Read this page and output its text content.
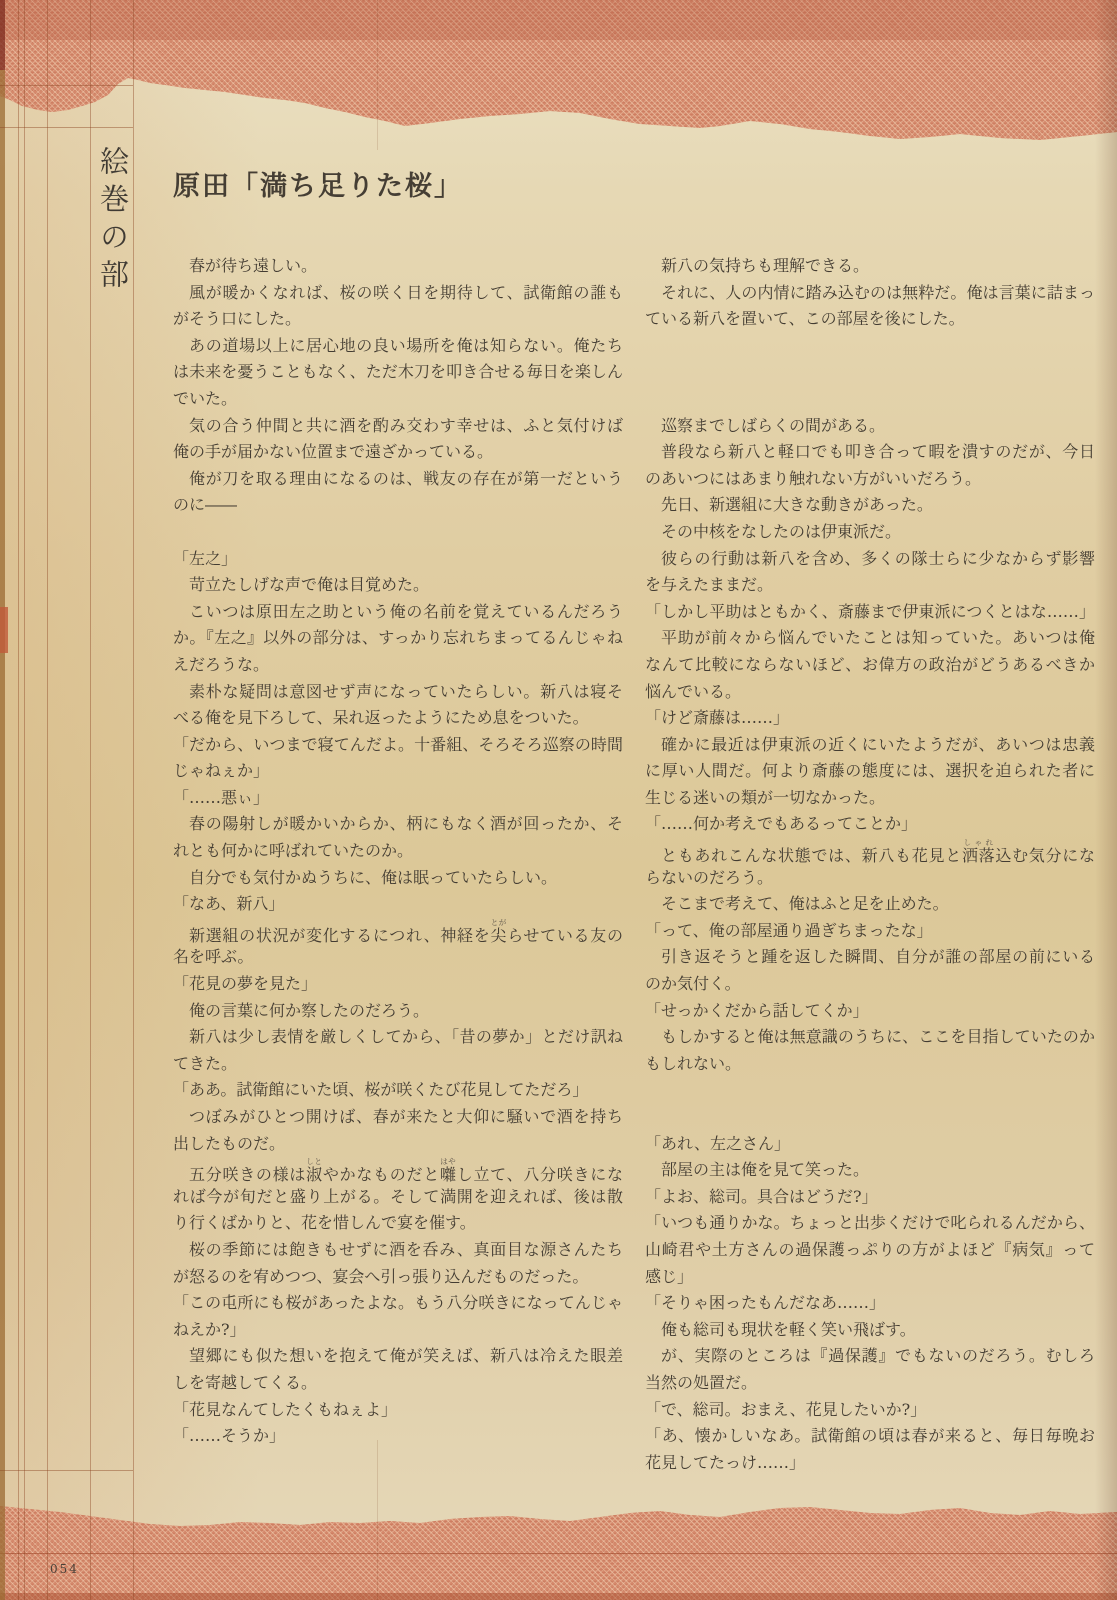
絵巻の部 原田「満ち足りた桜」
春が待ち遠しい。
風が暖かくなれば、桜の咲く日を期待して、試衛館の誰も
がそう口にした。
あの道場以上に居心地の良い場所を俺は知らない。俺たち
は未来を憂うこともなく、ただ木刀を叩き合せる毎日を楽しん
でいた。
気の合う仲間と共に酒を酌み交わす幸せは、ふと気付けば
俺の手が届かない位置まで遠ざかっている。
俺が刀を取る理由になるのは、戦友の存在が第一だという
のに――

「左之」
苛立たしげな声で俺は目覚めた。
こいつは原田左之助という俺の名前を覚えているんだろう
か。『左之』以外の部分は、すっかり忘れちまってるんじゃね
えだろうな。
素朴な疑問は意図せず声になっていたらしい。新八は寝そ
べる俺を見下ろして、呆れ返ったようにため息をついた。
「だから、いつまで寝てんだよ。十番組、そろそろ巡察の時間
じゃねぇか」
「……悪ぃ」
春の陽射しが暖かいからか、柄にもなく酒が回ったか、そ
れとも何かに呼ばれていたのか。
自分でも気付かぬうちに、俺は眠っていたらしい。
「なあ、新八」
新選組の状況が変化するにつれ、神経を尖とがらせている友の
名を呼ぶ。
「花見の夢を見た」
俺の言葉に何か察したのだろう。
新八は少し表情を厳しくしてから、「昔の夢か」とだけ訊ね
てきた。
「ああ。試衛館にいた頃、桜が咲くたび花見してただろ」
つぼみがひとつ開けば、春が来たと大仰に騒いで酒を持ち
出したものだ。
五分咲きの様は淑しとやかなものだと囃はやし立て、八分咲きにな
れば今が旬だと盛り上がる。そして満開を迎えれば、後は散
り行くばかりと、花を惜しんで宴を催す。
桜の季節には飽きもせずに酒を呑み、真面目な源さんたち
が怒るのを宥めつつ、宴会へ引っ張り込んだものだった。
「この屯所にも桜があったよな。もう八分咲きになってんじゃ
ねえか?」
望郷にも似た想いを抱えて俺が笑えば、新八は冷えた眼差
しを寄越してくる。
「花見なんてしたくもねぇよ」
「……そうか」
新八の気持ちも理解できる。
それに、人の内情に踏み込むのは無粋だ。俺は言葉に詰まっ
ている新八を置いて、この部屋を後にした。

巡察までしばらくの間がある。
普段なら新八と軽口でも叩き合って暇を潰すのだが、今日
のあいつにはあまり触れない方がいいだろう。
先日、新選組に大きな動きがあった。
その中核をなしたのは伊東派だ。
彼らの行動は新八を含め、多くの隊士らに少なからず影響
を与えたままだ。
「しかし平助はともかく、斎藤まで伊東派につくとはな……」
平助が前々から悩んでいたことは知っていた。あいつは俺
なんて比較にならないほど、お偉方の政治がどうあるべきか
悩んでいる。
「けど斎藤は……」
確かに最近は伊東派の近くにいたようだが、あいつは忠義
に厚い人間だ。何より斎藤の態度には、選択を迫られた者に
生じる迷いの類が一切なかった。
「……何か考えでもあるってことか」
ともあれこんな状態では、新八も花見と洒落しゃれ込む気分にな
らないのだろう。
そこまで考えて、俺はふと足を止めた。
「って、俺の部屋通り過ぎちまったな」
引き返そうと踵を返した瞬間、自分が誰の部屋の前にいる
のか気付く。
「せっかくだから話してくか」
もしかすると俺は無意識のうちに、ここを目指していたのか
もしれない。

「あれ、左之さん」
部屋の主は俺を見て笑った。
「よお、総司。具合はどうだ?」
「いつも通りかな。ちょっと出歩くだけで叱られるんだから、
山崎君や土方さんの過保護っぷりの方がよほど『病気』って
感じ」
「そりゃ困ったもんだなあ……」
俺も総司も現状を軽く笑い飛ばす。
が、実際のところは『過保護』でもないのだろう。むしろ
当然の処置だ。
「で、総司。おまえ、花見したいか?」
「あ、懐かしいなあ。試衛館の頃は春が来ると、毎日毎晩お
花見してたっけ……」
054
